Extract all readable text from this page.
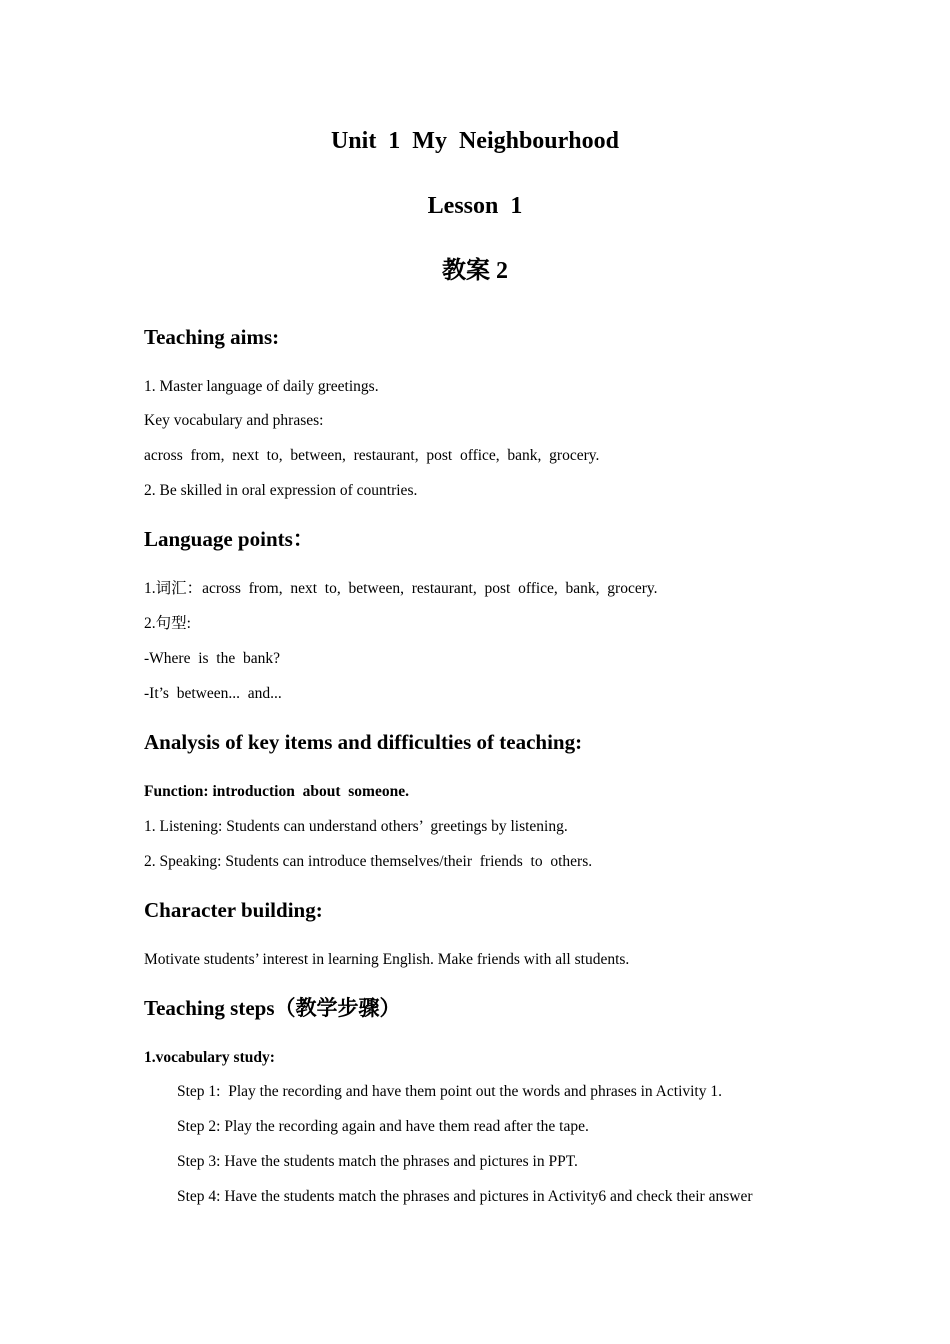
Unit  1  My  Neighbourhood
Lesson  1
教案 2
Teaching aims:
1. Master language of daily greetings.
Key vocabulary and phrases:
across  from,  next  to,  between,  restaurant,  post  office,  bank,  grocery.
2. Be skilled in oral expression of countries.
Language points：
1.词汇：across  from,  next  to,  between,  restaurant,  post  office,  bank,  grocery.
2.句型:
-Where  is  the  bank?
-It’s  between...  and...
Analysis of key items and difficulties of teaching:
Function: introduction  about  someone.
1. Listening: Students can understand others’  greetings by listening.
2. Speaking: Students can introduce themselves/their  friends  to  others.
Character building:
Motivate students’ interest in learning English. Make friends with all students.
Teaching steps（教学步骤）
1.vocabulary study:
Step 1:  Play the recording and have them point out the words and phrases in Activity 1.
Step 2: Play the recording again and have them read after the tape.
Step 3: Have the students match the phrases and pictures in PPT.
Step 4: Have the students match the phrases and pictures in Activity6 and check their answer
